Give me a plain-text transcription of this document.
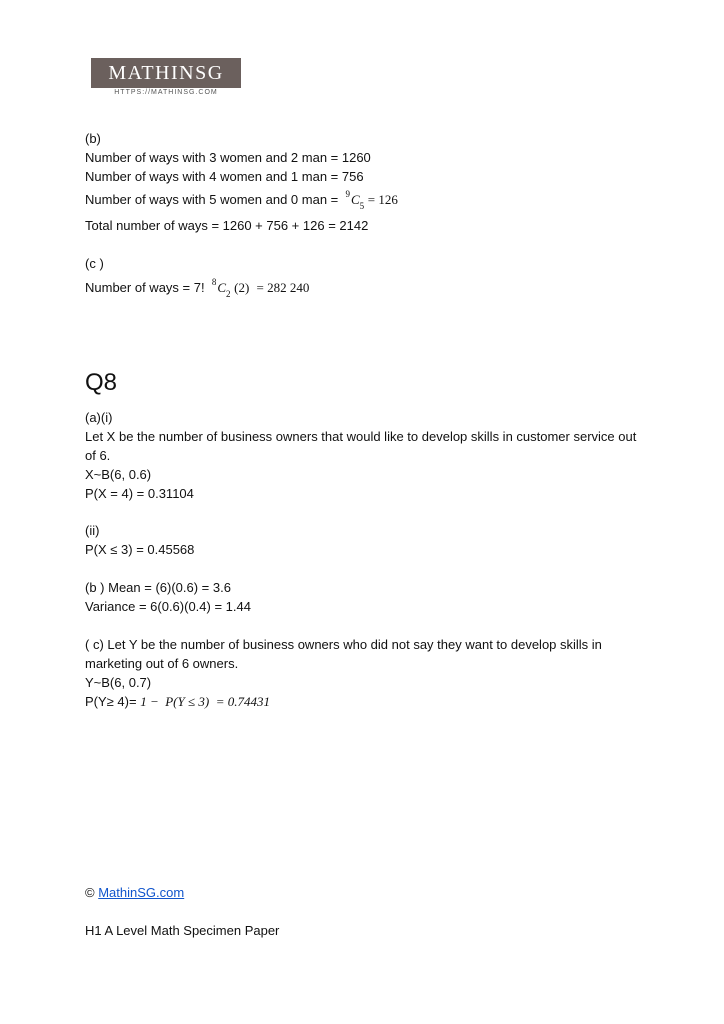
MATHINSG
HTTPS://MATHINSG.COM
(b)
Number of ways with 3 women and 2 man = 1260
Number of ways with 4 women and 1 man = 756
Number of ways with 5 women and 0 man = $^9C_5 = 126$
Total number of ways = 1260 + 756 + 126 = 2142
(c )
Number of ways = 7! $^8C_2$ (2) = 282 240
Q8
(a)(i)
Let X be the number of business owners that would like to develop skills in customer service out
of 6.
X~B(6, 0.6)
P(X = 4) = 0.31104
(ii)
P(X ≤ 3) = 0.45568
(b ) Mean = (6)(0.6) = 3.6
Variance = 6(0.6)(0.4) = 1.44
( c) Let Y be the number of business owners who did not say they want to develop skills in
marketing out of 6 owners.
Y~B(6, 0.7)
P(Y≥ 4)= 1 −  P(Y ≤ 3)  = 0.74431
© MathinSG.com
H1 A Level Math Specimen Paper
